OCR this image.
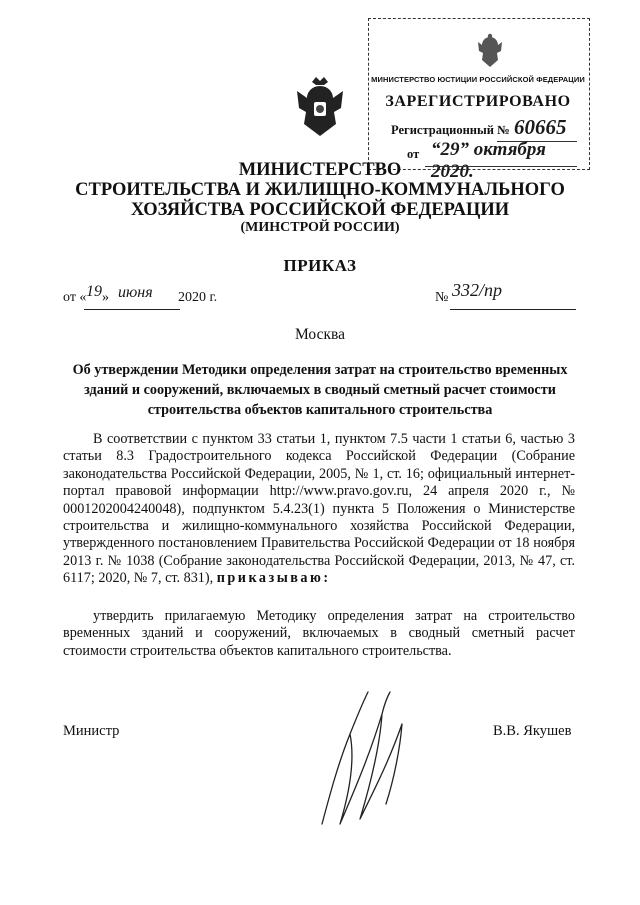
МИНИСТЕРСТВО ЮСТИЦИИ РОССИЙСКОЙ ФЕДЕРАЦИИ
ЗАРЕГИСТРИРОВАНО
Регистрационный № 60665
от “29” октября 2020.
МИНИСТЕРСТВО
СТРОИТЕЛЬСТВА И ЖИЛИЩНО-КОММУНАЛЬНОГО
ХОЗЯЙСТВА РОССИЙСКОЙ ФЕДЕРАЦИИ
(МИНСТРОЙ РОССИИ)
ПРИКАЗ
от « 19 » июня 2020 г.	№ 332/пр
Москва
Об утверждении Методики определения затрат на строительство временных зданий и сооружений, включаемых в сводный сметный расчет стоимости строительства объектов капитального строительства
В соответствии с пунктом 33 статьи 1, пунктом 7.5 части 1 статьи 6, частью 3 статьи 8.3 Градостроительного кодекса Российской Федерации (Собрание законодательства Российской Федерации, 2005, № 1, ст. 16; официальный интернет-портал правовой информации http://www.pravo.gov.ru, 24 апреля 2020 г., № 0001202004240048), подпунктом 5.4.23(1) пункта 5 Положения о Министерстве строительства и жилищно-коммунального хозяйства Российской Федерации, утвержденного постановлением Правительства Российской Федерации от 18 ноября 2013 г. № 1038 (Собрание законодательства Российской Федерации, 2013, № 47, ст. 6117; 2020, № 7, ст. 831), приказываю:
утвердить прилагаемую Методику определения затрат на строительство временных зданий и сооружений, включаемых в сводный сметный расчет стоимости строительства объектов капитального строительства.
Министр	В.В. Якушев
